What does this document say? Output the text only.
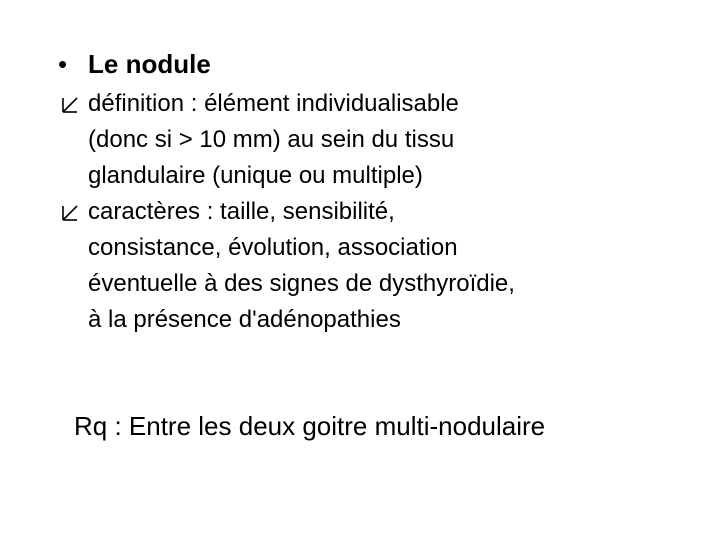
• Le nodule
définition : élément individualisable
(donc si > 10 mm) au sein du tissu
glandulaire (unique ou multiple)
caractères : taille, sensibilité,
consistance, évolution, association
éventuelle à des signes de dysthyroïdie,
à la présence d'adénopathies
Rq : Entre les deux goitre multi-nodulaire
